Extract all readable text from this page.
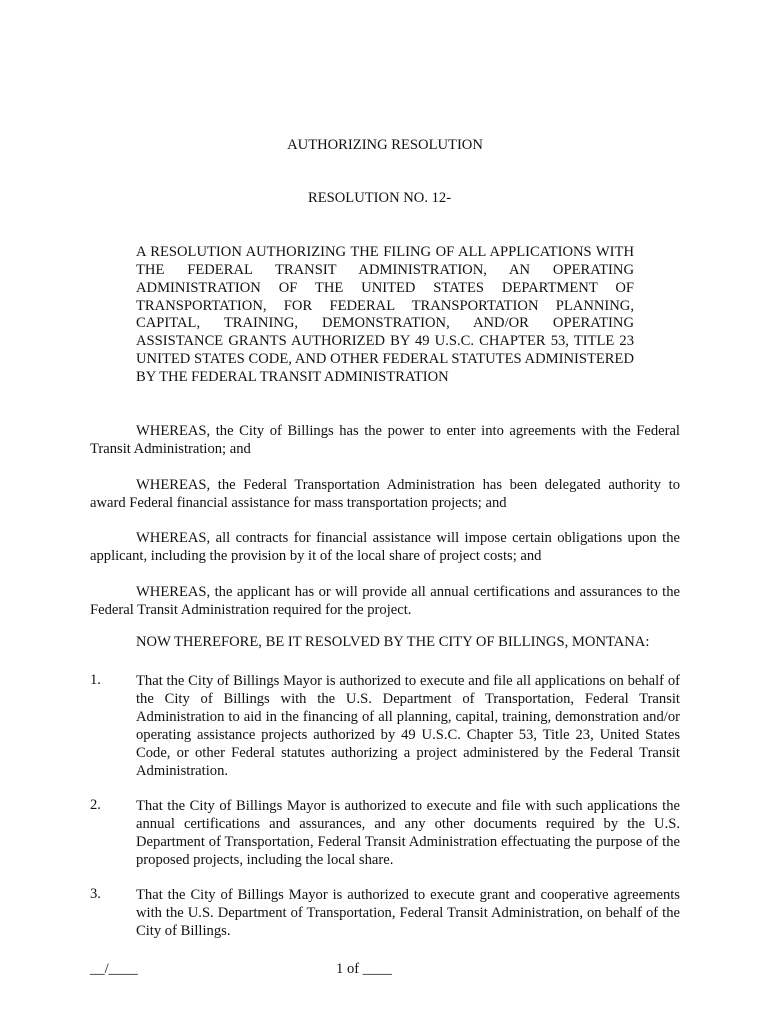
AUTHORIZING RESOLUTION
RESOLUTION NO. 12-
A RESOLUTION AUTHORIZING THE FILING OF ALL APPLICATIONS WITH THE FEDERAL TRANSIT ADMINISTRATION, AN OPERATING ADMINISTRATION OF THE UNITED STATES DEPARTMENT OF TRANSPORTATION, FOR FEDERAL TRANSPORTATION PLANNING, CAPITAL, TRAINING, DEMONSTRATION, AND/OR OPERATING ASSISTANCE GRANTS AUTHORIZED BY 49 U.S.C. CHAPTER 53, TITLE 23 UNITED STATES CODE, AND OTHER FEDERAL STATUTES ADMINISTERED BY THE FEDERAL TRANSIT ADMINISTRATION
WHEREAS, the City of Billings has the power to enter into agreements with the Federal Transit Administration; and
WHEREAS, the Federal Transportation Administration has been delegated authority to award Federal financial assistance for mass transportation projects; and
WHEREAS, all contracts for financial assistance will impose certain obligations upon the applicant, including the provision by it of the local share of project costs; and
WHEREAS, the applicant has or will provide all annual certifications and assurances to the Federal Transit Administration required for the project.
NOW THEREFORE, BE IT RESOLVED BY THE CITY OF BILLINGS, MONTANA:
1. That the City of Billings Mayor is authorized to execute and file all applications on behalf of the City of Billings with the U.S. Department of Transportation, Federal Transit Administration to aid in the financing of all planning, capital, training, demonstration and/or operating assistance projects authorized by 49 U.S.C. Chapter 53, Title 23, United States Code, or other Federal statutes authorizing a project administered by the Federal Transit Administration.
2. That the City of Billings Mayor is authorized to execute and file with such applications the annual certifications and assurances, and any other documents required by the U.S. Department of Transportation, Federal Transit Administration effectuating the purpose of the proposed projects, including the local share.
3. That the City of Billings Mayor is authorized to execute grant and cooperative agreements with the U.S. Department of Transportation, Federal Transit Administration, on behalf of the City of Billings.
__/____	1 of ____
